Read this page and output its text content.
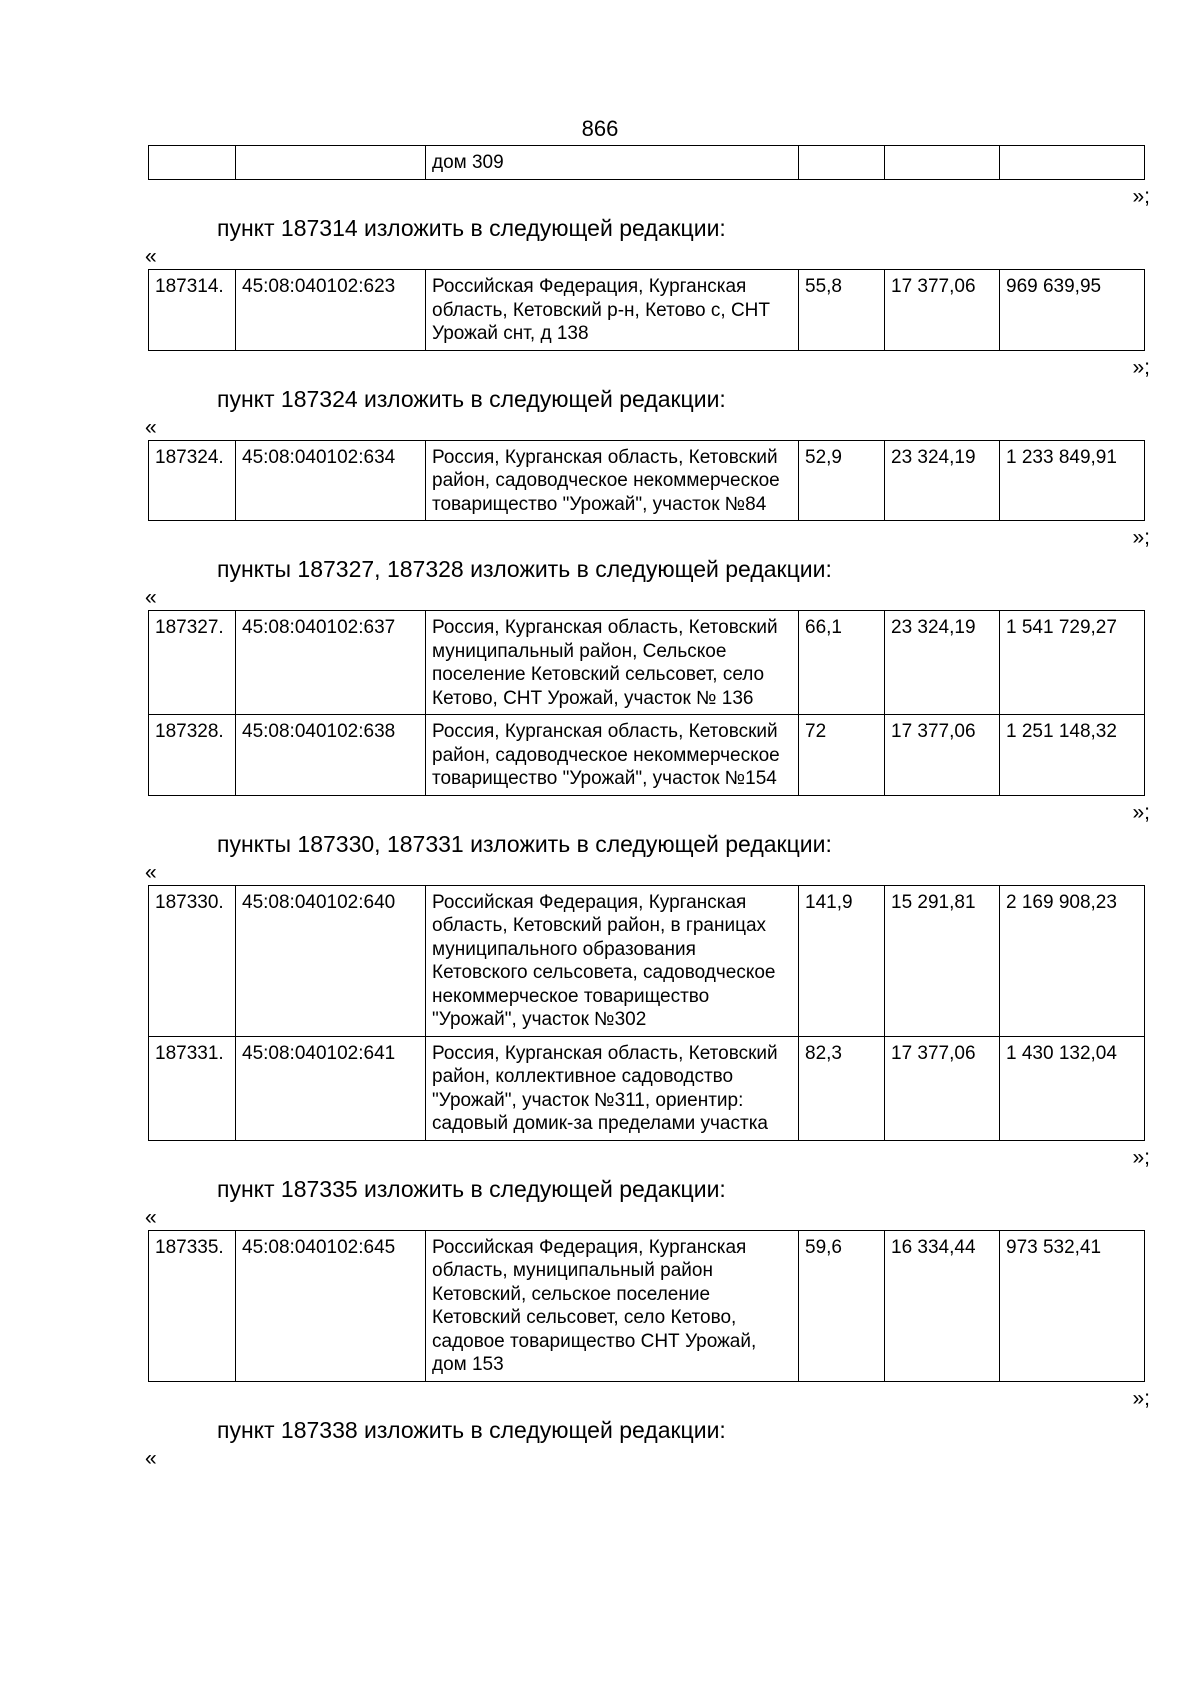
866
		дом 309			
»;
пункт 187314 изложить в следующей редакции:
«
187314.	45:08:040102:623	Российская Федерация, Курганская область, Кетовский р-н, Кетово с, СНТ Урожай снт, д 138	55,8	17 377,06	969 639,95
»;
пункт 187324 изложить в следующей редакции:
«
187324.	45:08:040102:634	Россия, Курганская область, Кетовский район, садоводческое некоммерческое товарищество "Урожай", участок №84	52,9	23 324,19	1 233 849,91
»;
пункты 187327, 187328 изложить в следующей редакции:
«
187327.	45:08:040102:637	Россия, Курганская область, Кетовский муниципальный район, Сельское поселение Кетовский сельсовет, село Кетово, СНТ Урожай, участок № 136	66,1	23 324,19	1 541 729,27
187328.	45:08:040102:638	Россия, Курганская область, Кетовский район, садоводческое некоммерческое товарищество "Урожай", участок №154	72	17 377,06	1 251 148,32
»;
пункты 187330, 187331 изложить в следующей редакции:
«
187330.	45:08:040102:640	Российская Федерация, Курганская область, Кетовский район, в границах муниципального образования Кетовского сельсовета, садоводческое некоммерческое товарищество "Урожай", участок №302	141,9	15 291,81	2 169 908,23
187331.	45:08:040102:641	Россия, Курганская область, Кетовский район, коллективное садоводство "Урожай", участок №311, ориентир: садовый домик-за пределами участка	82,3	17 377,06	1 430 132,04
»;
пункт 187335 изложить в следующей редакции:
«
187335.	45:08:040102:645	Российская Федерация, Курганская область, муниципальный район Кетовский, сельское поселение Кетовский сельсовет, село Кетово, садовое товарищество СНТ Урожай, дом 153	59,6	16 334,44	973 532,41
»;
пункт 187338 изложить в следующей редакции:
«
